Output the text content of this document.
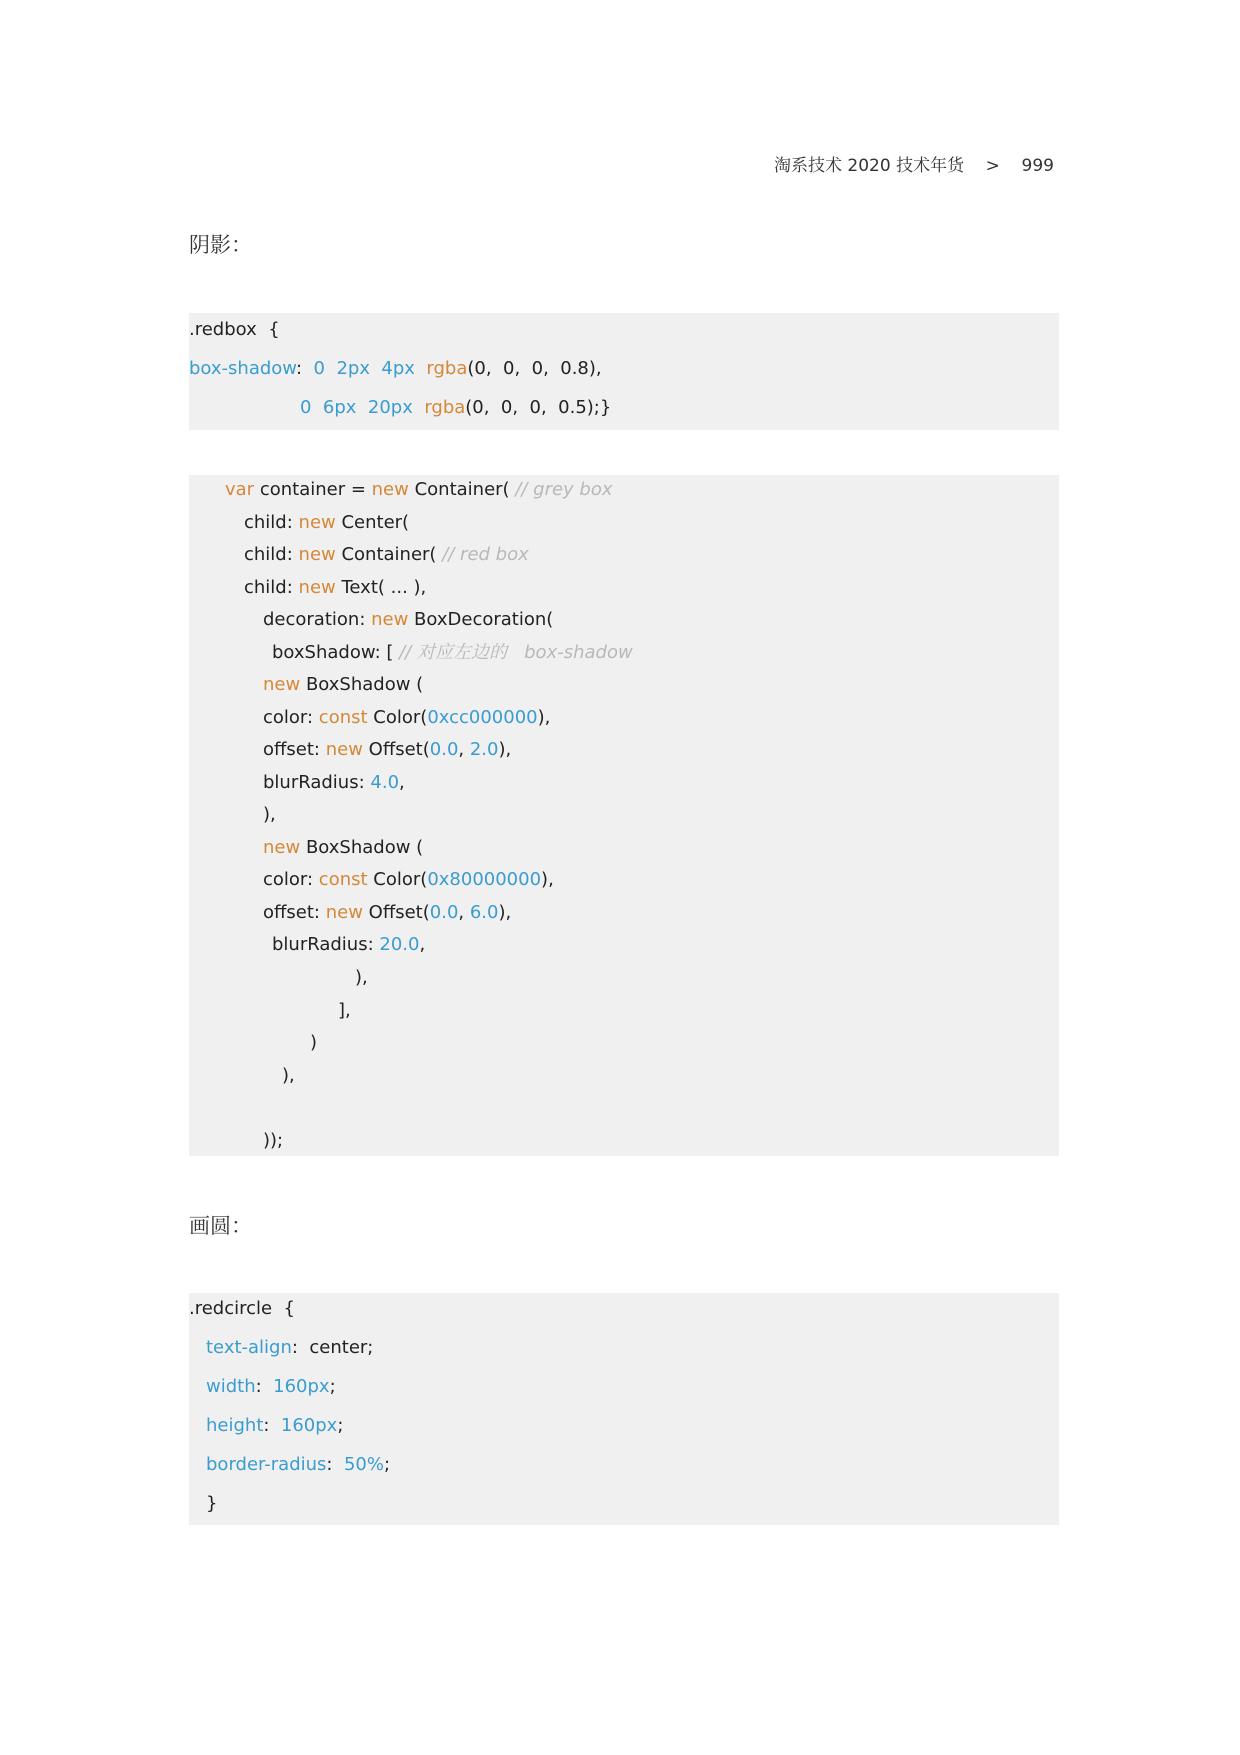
淘系技术 2020 技术年货    >    999
阴影：
.redbox  {
box-shadow:  0  2px  4px rgba(0,  0,  0,  0.8),
0  6px  20px rgba(0,  0,  0,  0.5);}
var container = new Container( // grey box
child: new Center(
child: new Container( // red box
child: new Text( ... ),
decoration: new BoxDecoration(
boxShadow: [ // 对应左边的   box-shadow
new BoxShadow (
color: const Color(0xcc000000),
offset: new Offset(0.0, 2.0),
blurRadius: 4.0,
),
new BoxShadow (
color: const Color(0x80000000),
offset: new Offset(0.0, 6.0),
blurRadius: 20.0,
),
],
)
),
));
画圆：
.redcircle  {
text-align:  center;
width:  160px;
height:  160px;
border-radius:  50%;
}
